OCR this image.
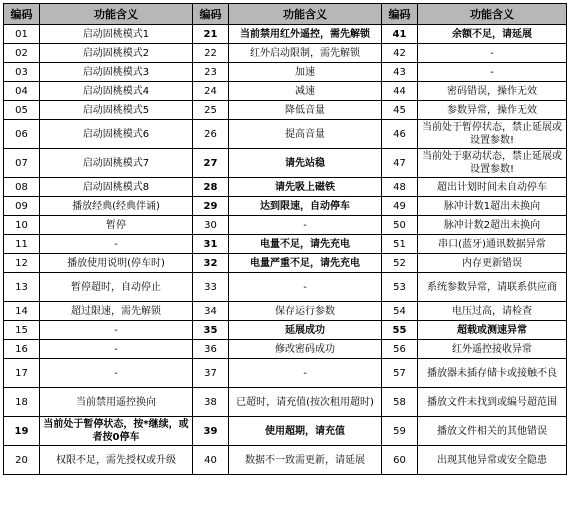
编码	功能含义	编码	功能含义	编码	功能含义
01	启动固桃模式1	21	当前禁用红外遥控，需先解锁	41	余额不足，请延展
02	启动固桃模式2	22	红外启动限制，需先解锁	42	-
03	启动固桃模式3	23	加速	43	-
04	启动固桃模式4	24	减速	44	密码错误，操作无效
05	启动固桃模式5	25	降低音量	45	参数异常，操作无效
06	启动固桃模式6	26	提高音量	46	当前处于暂停状态，禁止延展或设置参数!
07	启动固桃模式7	27	请先站稳	47	当前处于驱动状态，禁止延展或设置参数!
08	启动固桃模式8	28	请先吸上磁铁	48	超出计划时间未自动停车
09	播放经典(经典伴诵)	29	达到限速，自动停车	49	脉冲计数1超出未换向
10	暂停	30	-	50	脉冲计数2超出未换向
11	-	31	电量不足，请先充电	51	串口(蓝牙)通讯数据异常
12	播放使用说明(停车时)	32	电量严重不足，请先充电	52	内存更新错误
13	暂停超时，自动停止	33	-	53	系统参数异常，请联系供应商
14	超过限速，需先解锁	34	保存运行参数	54	电压过高，请检查
15	-	35	延展成功	55	超载或测速异常
16	-	36	修改密码成功	56	红外遥控接收异常
17	-	37	-	57	播放器未插存储卡或接触不良
18	当前禁用遥控换向	38	已超时，请充值(按次租用超时)	58	播放文件未找到或编号超范围
19	当前处于暂停状态，按*继续，或者按0停车	39	使用超期，请充值	59	播放文件相关的其他错误
20	权限不足，需先授权或升级	40	数据不一致需更新，请延展	60	出现其他异常或安全隐患
